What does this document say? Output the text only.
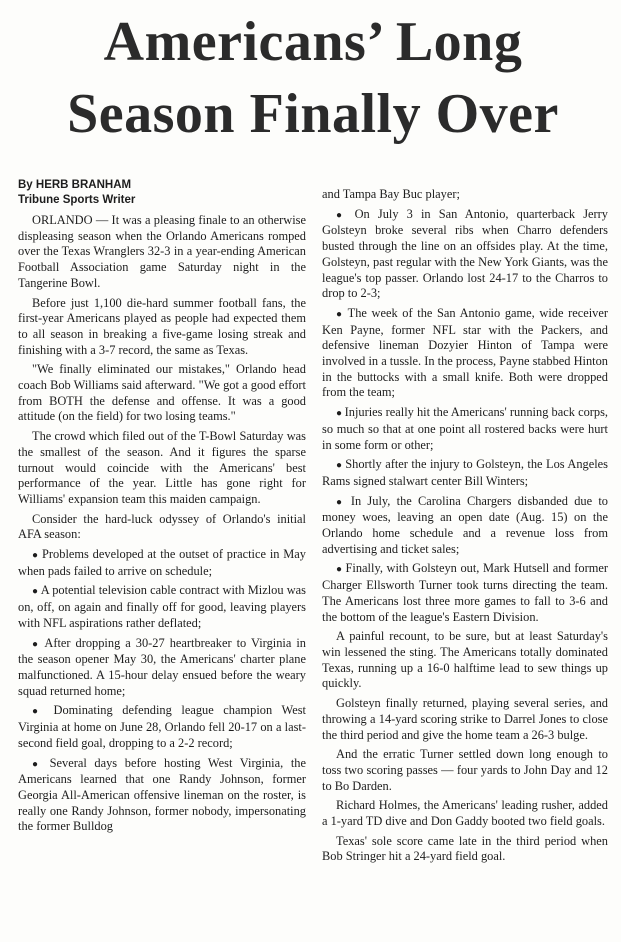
Americans’ Long Season Finally Over
By HERB BRANHAM
Tribune Sports Writer

ORLANDO — It was a pleasing finale to an otherwise displeasing season when the Orlando Americans romped over the Texas Wranglers 32-3 in a year-ending American Football Association game Saturday night in the Tangerine Bowl.

Before just 1,100 die-hard summer football fans, the first-year Americans played as people had expected them to all season in breaking a five-game losing streak and finishing with a 3-7 record, the same as Texas.

"We finally eliminated our mistakes," Orlando head coach Bob Williams said afterward. "We got a good effort from BOTH the defense and offense. It was a good attitude (on the field) for two losing teams."

The crowd which filed out of the T-Bowl Saturday was the smallest of the season. And it figures the sparse turnout would coincide with the Americans' best performance of the year. Little has gone right for Williams' expansion team this maiden campaign.

Consider the hard-luck odyssey of Orlando's initial AFA season:

● Problems developed at the outset of practice in May when pads failed to arrive on schedule;

● A potential television cable contract with Mizlou was on, off, on again and finally off for good, leaving players with NFL aspirations rather deflated;

● After dropping a 30-27 heartbreaker to Virginia in the season opener May 30, the Americans' charter plane malfunctioned. A 15-hour delay ensued before the weary squad returned home;

● Dominating defending league champion West Virginia at home on June 28, Orlando fell 20-17 on a last-second field goal, dropping to a 2-2 record;

● Several days before hosting West Virginia, the Americans learned that one Randy Johnson, former Georgia All-American offensive lineman on the roster, is really one Randy Johnson, former nobody, impersonating the former Bulldog

and Tampa Bay Buc player;

● On July 3 in San Antonio, quarterback Jerry Golsteyn broke several ribs when Charro defenders busted through the line on an offsides play. At the time, Golsteyn, past regular with the New York Giants, was the league's top passer. Orlando lost 24-17 to the Charros to drop to 2-3;

● The week of the San Antonio game, wide receiver Ken Payne, former NFL star with the Packers, and defensive lineman Dozyier Hinton of Tampa were involved in a tussle. In the process, Payne stabbed Hinton in the buttocks with a small knife. Both were dropped from the team;

● Injuries really hit the Americans' running back corps, so much so that at one point all rostered backs were hurt in some form or other;

● Shortly after the injury to Golsteyn, the Los Angeles Rams signed stalwart center Bill Winters;

● In July, the Carolina Chargers disbanded due to money woes, leaving an open date (Aug. 15) on the Orlando home schedule and a revenue loss from advertising and ticket sales;

● Finally, with Golsteyn out, Mark Hutsell and former Charger Ellsworth Turner took turns directing the team. The Americans lost three more games to fall to 3-6 and the bottom of the league's Eastern Division.

A painful recount, to be sure, but at least Saturday's win lessened the sting. The Americans totally dominated Texas, running up a 16-0 halftime lead to sew things up quickly.

Golsteyn finally returned, playing several series, and throwing a 14-yard scoring strike to Darrel Jones to close the third period and give the home team a 26-3 bulge.

And the erratic Turner settled down long enough to toss two scoring passes — four yards to John Day and 12 to Bo Darden.

Richard Holmes, the Americans' leading rusher, added a 1-yard TD dive and Don Gaddy booted two field goals.

Texas' sole score came late in the third period when Bob Stringer hit a 24-yard field goal.
